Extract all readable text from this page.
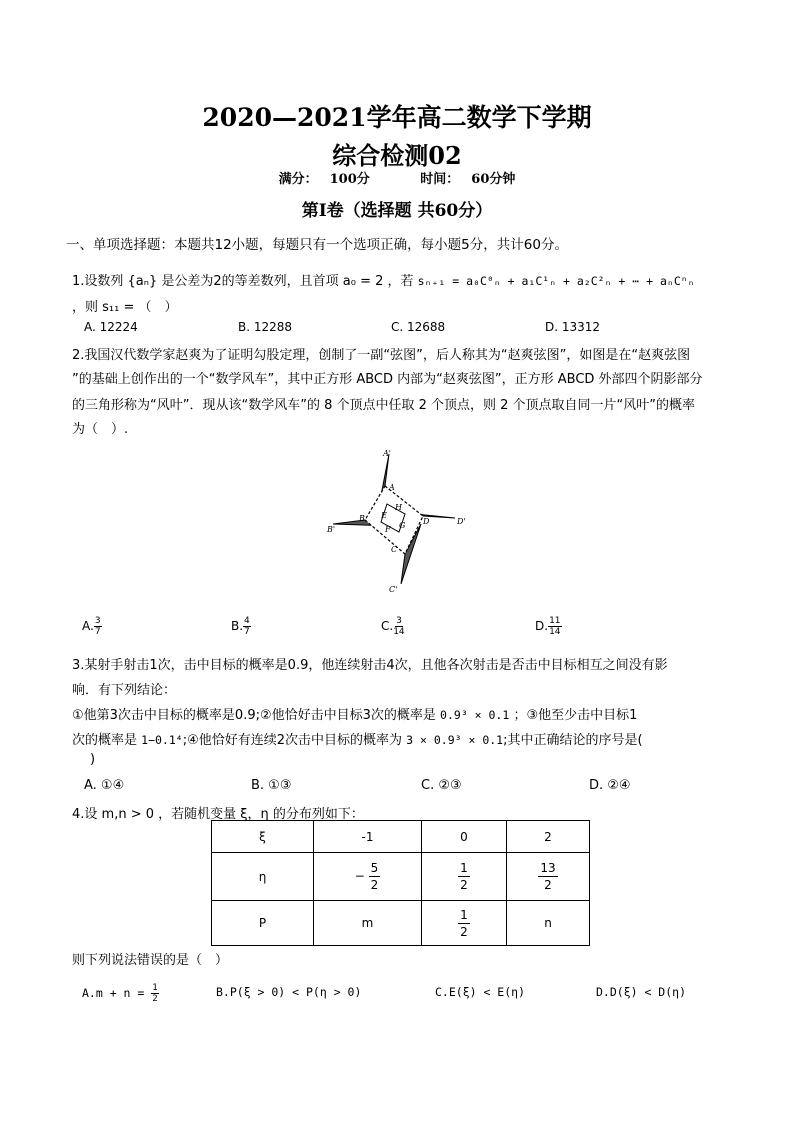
2020—2021学年高二数学下学期
综合检测02
满分： 100分	时间： 60分钟
第Ⅰ卷（选择题 共60分）
一、单项选择题：本题共12小题，每题只有一个选项正确，每小题5分，共计60分。
1.设数列 {aₙ} 是公差为2的等差数列，且首项 a₀ = 2 ，若 sₙ₊₁ = a₀C⁰ₙ + a₁C¹ₙ + a₂C²ₙ + ⋯ + aₙCⁿₙ
，则 s₁₁ = （　）
A. 12224	B. 12288	C. 12688	D. 13312
2.我国汉代数学家赵爽为了证明勾股定理，创制了一副“弦图”，后人称其为“赵爽弦图”，如图是在“赵爽弦图
”的基础上创作出的一个“数学风车”，其中正方形 ABCD 内部为“赵爽弦图”，正方形 ABCD 外部四个阴影部分
的三角形称为“风叶”．现从该“数学风车”的 8 个顶点中任取 2 个顶点，则 2 个顶点取自同一片“风叶”的概率
为（　）.
A'
A
B
B'
C
C'
D	D'
E
F G
H
A. $\frac{3}{7}$	B. $\frac{4}{7}$	C. $\frac{3}{14}$	D. $\frac{11}{14}$
3.某射手射击1次，击中目标的概率是0.9，他连续射击4次，且他各次射击是否击中目标相互之间没有影
响．有下列结论：
①他第3次击中目标的概率是0.9;②他恰好击中目标3次的概率是 0.9³ × 0.1 ；③他至少击中目标1
次的概率是 1−0.1⁴;④他恰好有连续2次击中目标的概率为 3 × 0.9³ × 0.1;其中正确结论的序号是(
)
A. ①④	B. ①③	C. ②③	D. ②④
4.设 m,n > 0 ，若随机变量 ξ，η 的分布列如下：
ξ	-1	0	2
η	− $\frac{5}{2}$	$\frac{1}{2}$	$\frac{13}{2}$

P	m	$\frac{1}{2}$	n
则下列说法错误的是（　）
$A.m + n = \frac{1}{2}$	B.P(ξ > 0) < P(η > 0)	C.E(ξ) < E(η)	D.D(ξ) < D(η)
